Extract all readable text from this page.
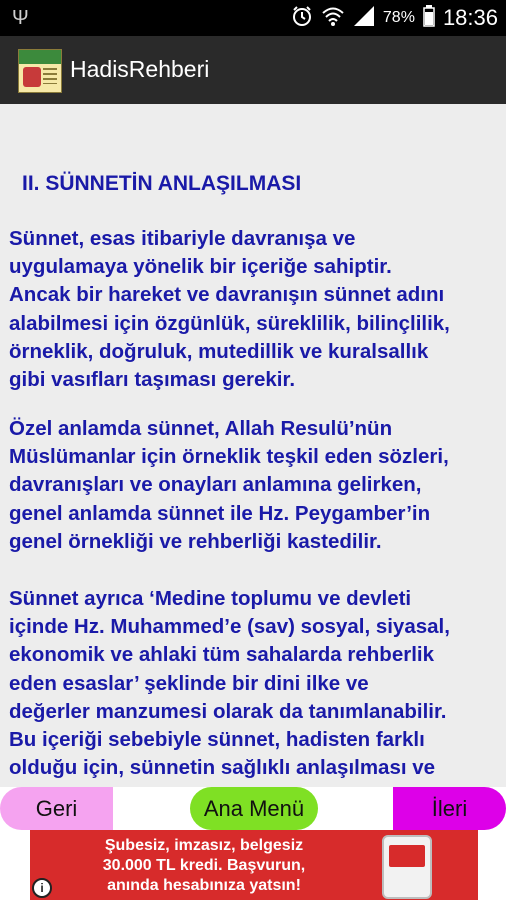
Ψ	78% 18:36
HadisRehberi
II. SÜNNETİN ANLAŞILMASI

Sünnet, esas itibariyle davranışa ve
uygulamaya yönelik bir içeriğe sahiptir.
Ancak bir hareket ve davranışın sünnet adını
alabilmesi için özgünlük, süreklilik, bilinçlilik,
örneklik, doğruluk, mutedillik ve kuralsallık
gibi vasıfları taşıması gerekir.

Özel anlamda sünnet, Allah Resulü’nün
Müslümanlar için örneklik teşkil eden sözleri,
davranışları ve onayları anlamına gelirken,
genel anlamda sünnet ile Hz. Peygamber’in
genel örnekliği ve rehberliği kastedilir.

Sünnet ayrıca ‘Medine toplumu ve devleti
içinde Hz. Muhammed’e (sav) sosyal, siyasal,
ekonomik ve ahlaki tüm sahalarda rehberlik
eden esaslar’ şeklinde bir dini ilke ve
değerler manzumesi olarak da tanımlanabilir.
Bu içeriği sebebiyle sünnet, hadisten farklı
olduğu için, sünnetin sağlıklı anlaşılması ve

Geri	Ana Menü	İleri
Şubesiz, imzasız, belgesiz
30.000 TL kredi. Başvurun,
anında hesabınıza yatsın!
i
